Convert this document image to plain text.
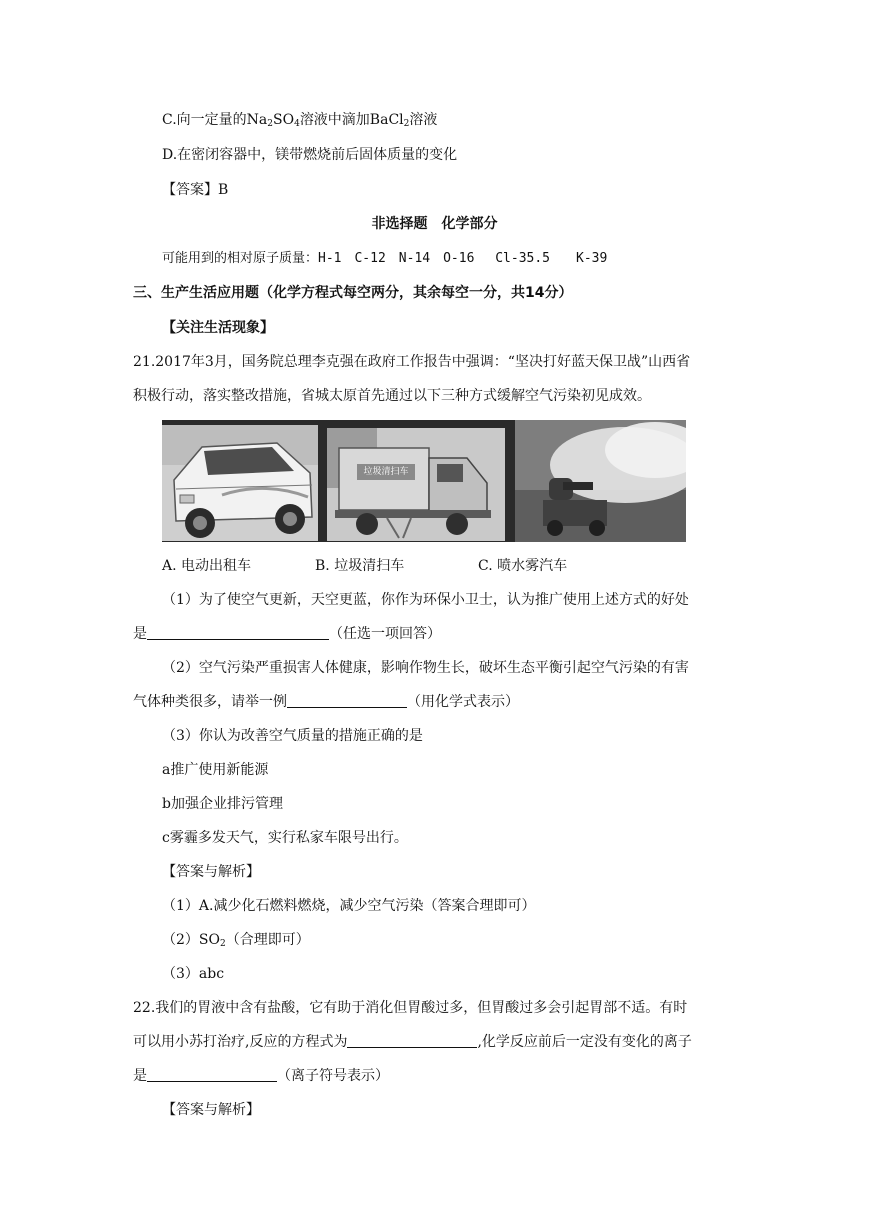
C.向一定量的$Na_2SO_4$溶液中滴加BaCl$_2$溶液
D.在密闭容器中，镁带燃烧前后固体质量的变化
【答案】B
非选择题　化学部分
可能用到的相对原子质量：H-1　C-12　N-14　O-16　 Cl-35.5　　K-39
三、生产生活应用题（化学方程式每空两分，其余每空一分，共14分）
【关注生活现象】
21.2017年3月，国务院总理李克强在政府工作报告中强调：“坚决打好蓝天保卫战”山西省
积极行动，落实整改措施，省城太原首先通过以下三种方式缓解空气污染初见成效。
垃圾清扫车
A. 电动出租车	B. 垃圾清扫车	C. 喷水雾汽车
（1）为了使空气更新，天空更蓝，你作为环保小卫士，认为推广使用上述方式的好处
是	（任选一项回答）
（2）空气污染严重损害人体健康，影响作物生长，破坏生态平衡引起空气污染的有害
气体种类很多，请举一例	（用化学式表示）
（3）你认为改善空气质量的措施正确的是
a推广使用新能源
b加强企业排污管理
c雾霾多发天气，实行私家车限号出行。
【答案与解析】
（1）A.减少化石燃料燃烧，减少空气污染（答案合理即可）
$(2)SO_2$（合理即可）
（3）abc
22.我们的胃液中含有盐酸，它有助于消化但胃酸过多，但胃酸过多会引起胃部不适。有时
可以用小苏打治疗,反应的方程式为	,化学反应前后一定没有变化的离子
是	（离子符号表示）
【答案与解析】
